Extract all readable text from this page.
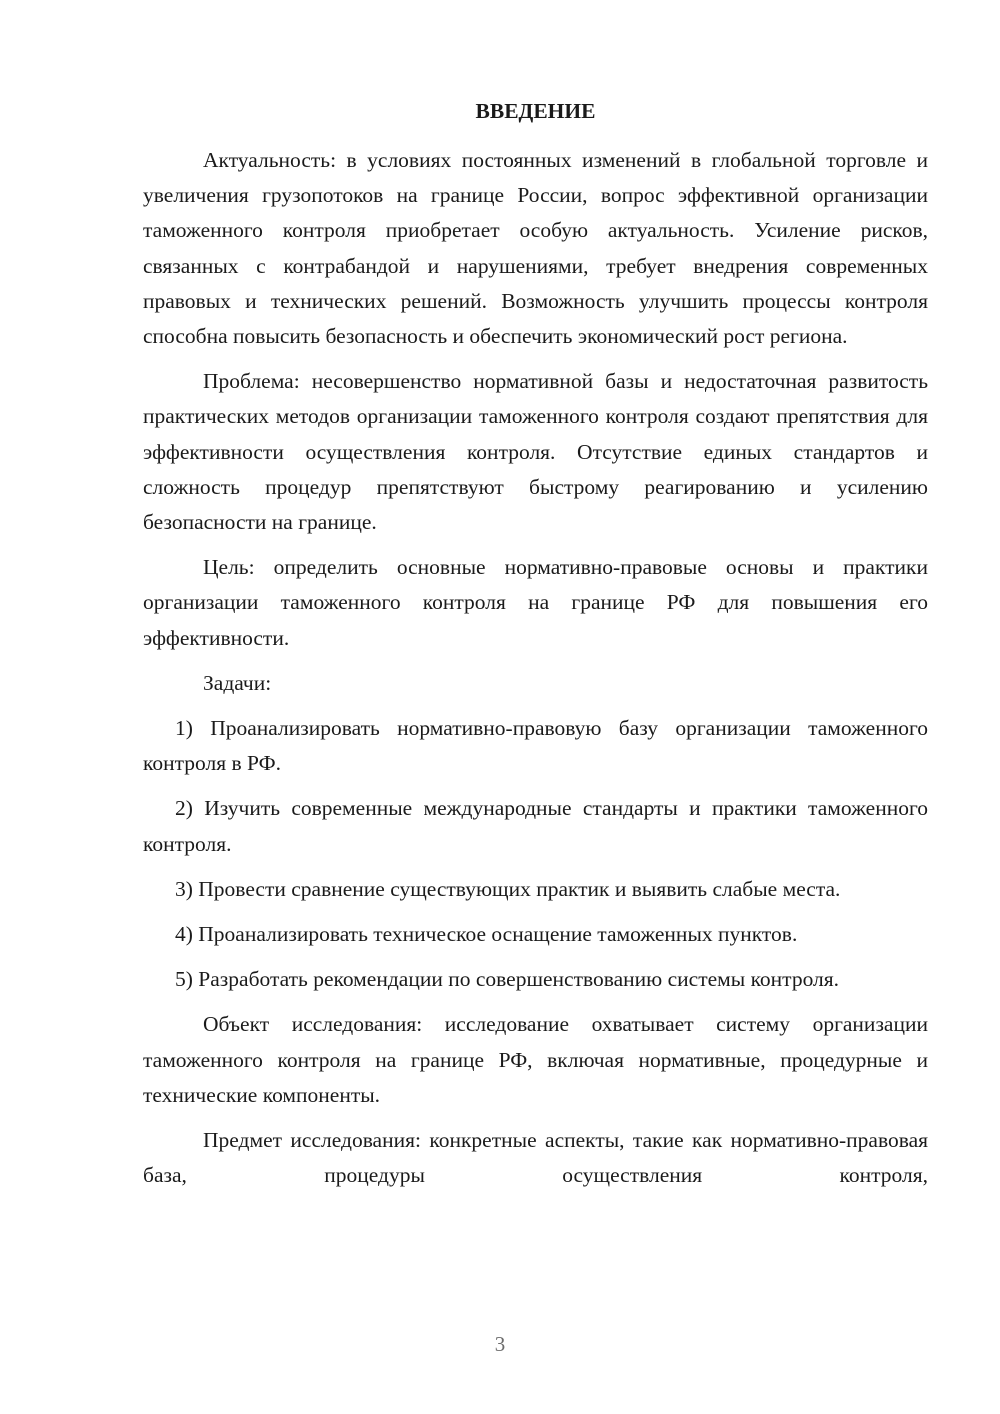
ВВЕДЕНИЕ

Актуальность: в условиях постоянных изменений в глобальной торговле и увеличения грузопотоков на границе России, вопрос эффективной организации таможенного контроля приобретает особую актуальность. Усиление рисков, связанных с контрабандой и нарушениями, требует внедрения современных правовых и технических решений. Возможность улучшить процессы контроля способна повысить безопасность и обеспечить экономический рост региона.

Проблема: несовершенство нормативной базы и недостаточная развитость практических методов организации таможенного контроля создают препятствия для эффективности осуществления контроля. Отсутствие единых стандартов и сложность процедур препятствуют быстрому реагированию и усилению безопасности на границе.

Цель: определить основные нормативно-правовые основы и практики организации таможенного контроля на границе РФ для повышения его эффективности.

Задачи:

1) Проанализировать нормативно-правовую базу организации таможенного контроля в РФ.

2) Изучить современные международные стандарты и практики таможенного контроля.

3) Провести сравнение существующих практик и выявить слабые места.

4) Проанализировать техническое оснащение таможенных пунктов.

5) Разработать рекомендации по совершенствованию системы контроля.

Объект исследования: исследование охватывает систему организации таможенного контроля на границе РФ, включая нормативные, процедурные и технические компоненты.

Предмет исследования: конкретные аспекты, такие как нормативно-правовая база, процедуры осуществления контроля,

3
